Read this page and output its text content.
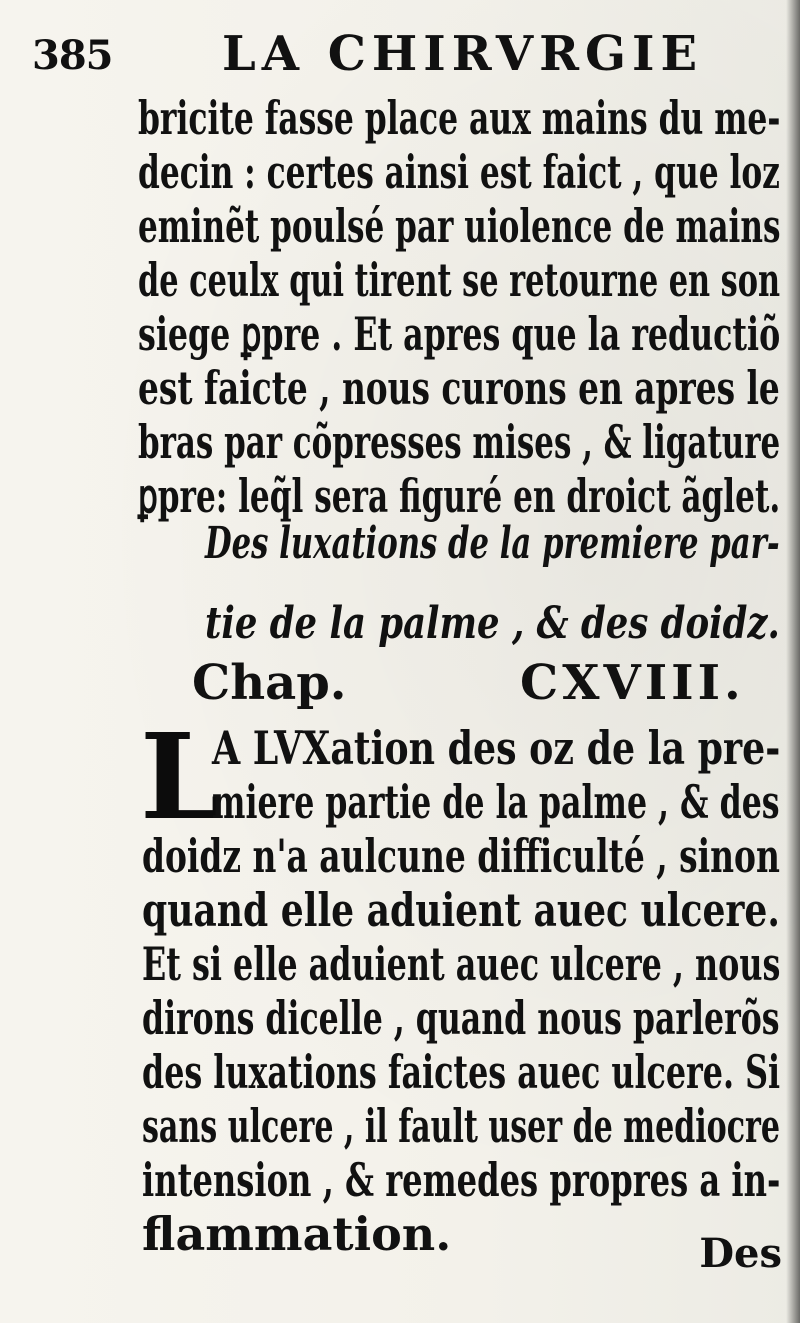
385 LA CHIRVRGIE
bricite fasse place aux mains du me-
decin : certes ainsi est faict , que loz
eminẽt poulsé par uiolence de mains
de ceulx qui tirent se retourne en son
siege ꝑpre . Et apres que la reductiõ
est faicte , nous curons en apres le
bras par cõpresses mises , & ligature
ꝑpre: leq̃l sera figuré en droict ãglet.
Des luxations de la premiere par-
tie de la palme , & des doidz.
Chap.	CXVIII.
L
A LVXation des oz de la pre-
miere partie de la palme , & des
doidz n'a aulcune difficulté , sinon
quand elle aduient auec ulcere.
Et si elle aduient auec ulcere , nous
dirons dicelle , quand nous parlerõs
des luxations faictes auec ulcere. Si
sans ulcere , il fault user de mediocre
intension , & remedes propres a in-
flammation.	Des
